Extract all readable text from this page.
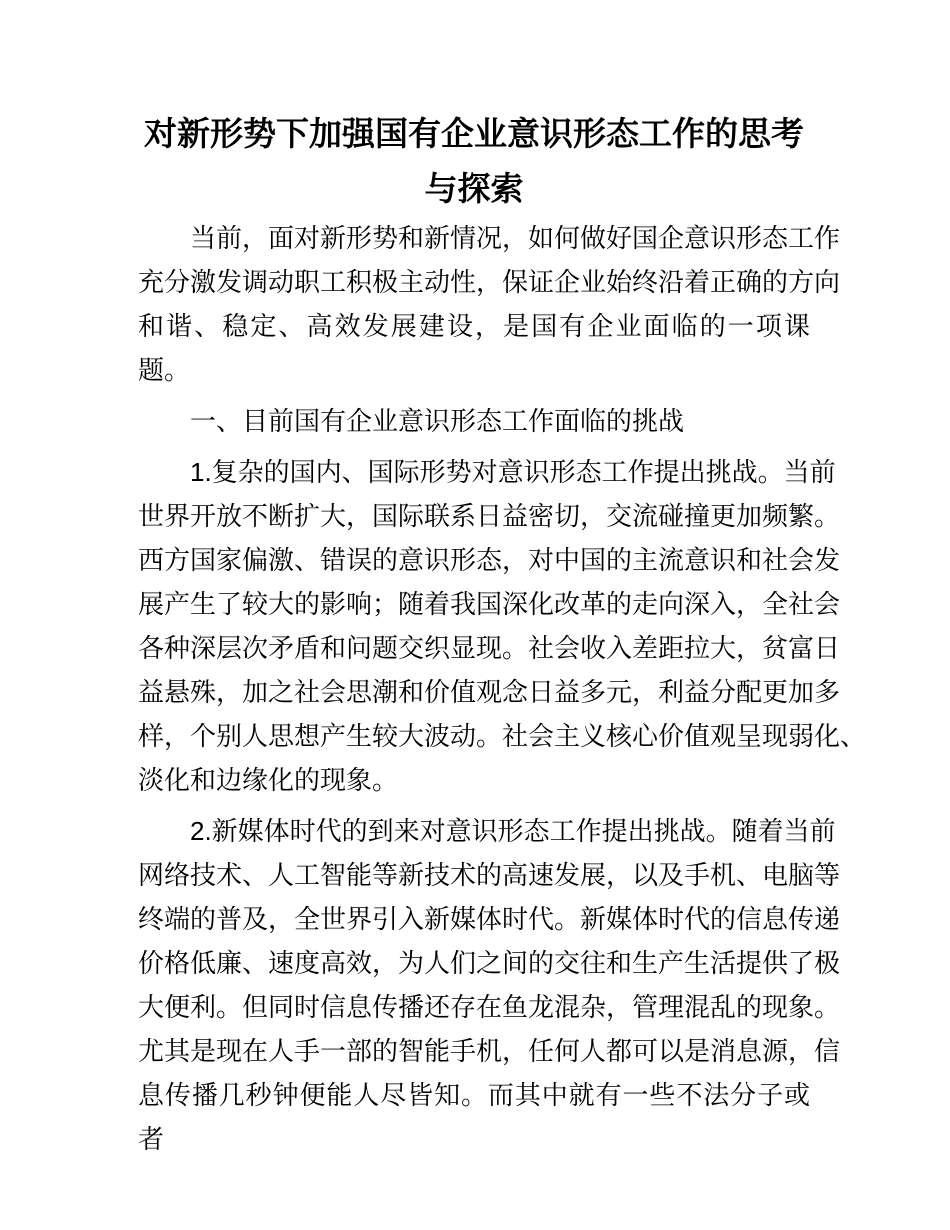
对新形势下加强国有企业意识形态工作的思考
与探索
当前，面对新形势和新情况，如何做好国企意识形态工作
充分激发调动职工积极主动性，保证企业始终沿着正确的方向
和谐、稳定、高效发展建设，是国有企业面临的一项课题。
一、目前国有企业意识形态工作面临的挑战
1.复杂的国内、国际形势对意识形态工作提出挑战。当前
世界开放不断扩大，国际联系日益密切，交流碰撞更加频繁。
西方国家偏激、错误的意识形态，对中国的主流意识和社会发
展产生了较大的影响；随着我国深化改革的走向深入，全社会
各种深层次矛盾和问题交织显现。社会收入差距拉大，贫富日
益悬殊，加之社会思潮和价值观念日益多元，利益分配更加多
样，个别人思想产生较大波动。社会主义核心价值观呈现弱化、
淡化和边缘化的现象。
2.新媒体时代的到来对意识形态工作提出挑战。随着当前
网络技术、人工智能等新技术的高速发展，以及手机、电脑等
终端的普及，全世界引入新媒体时代。新媒体时代的信息传递
价格低廉、速度高效，为人们之间的交往和生产生活提供了极
大便利。但同时信息传播还存在鱼龙混杂，管理混乱的现象。
尤其是现在人手一部的智能手机，任何人都可以是消息源，信
息传播几秒钟便能人尽皆知。而其中就有一些不法分子或者
